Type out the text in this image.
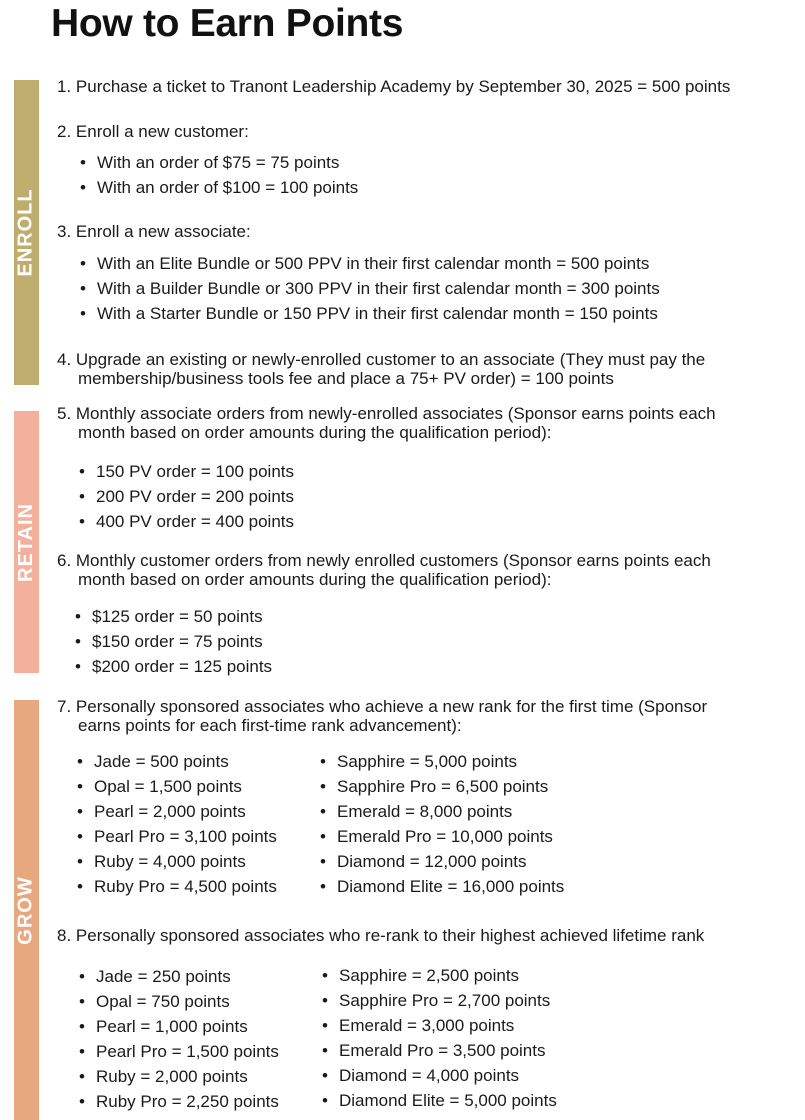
How to Earn Points
ENROLL
RETAIN
GROW
1. Purchase a ticket to Tranont Leadership Academy by September 30, 2025 = 500 points
2. Enroll a new customer:
• With an order of $75 = 75 points
• With an order of $100 = 100 points
3. Enroll a new associate:
• With an Elite Bundle or 500 PPV in their first calendar month = 500 points
• With a Builder Bundle or 300 PPV in their first calendar month = 300 points
• With a Starter Bundle or 150 PPV in their first calendar month = 150 points
4. Upgrade an existing or newly-enrolled customer to an associate (They must pay the
membership/business tools fee and place a 75+ PV order) = 100 points
5. Monthly associate orders from newly-enrolled associates (Sponsor earns points each
month based on order amounts during the qualification period):
• 150 PV order = 100 points
• 200 PV order = 200 points
• 400 PV order = 400 points
6. Monthly customer orders from newly enrolled customers (Sponsor earns points each
month based on order amounts during the qualification period):
• $125 order = 50 points
• $150 order = 75 points
• $200 order = 125 points
7. Personally sponsored associates who achieve a new rank for the first time (Sponsor
earns points for each first-time rank advancement):
• Jade = 500 points
• Opal = 1,500 points
• Pearl = 2,000 points
• Pearl Pro = 3,100 points
• Ruby = 4,000 points
• Ruby Pro = 4,500 points
• Sapphire = 5,000 points
• Sapphire Pro = 6,500 points
• Emerald = 8,000 points
• Emerald Pro = 10,000 points
• Diamond = 12,000 points
• Diamond Elite = 16,000 points
8. Personally sponsored associates who re-rank to their highest achieved lifetime rank
• Jade = 250 points
• Opal = 750 points
• Pearl = 1,000 points
• Pearl Pro = 1,500 points
• Ruby = 2,000 points
• Ruby Pro = 2,250 points
• Sapphire = 2,500 points
• Sapphire Pro = 2,700 points
• Emerald = 3,000 points
• Emerald Pro = 3,500 points
• Diamond = 4,000 points
• Diamond Elite = 5,000 points
